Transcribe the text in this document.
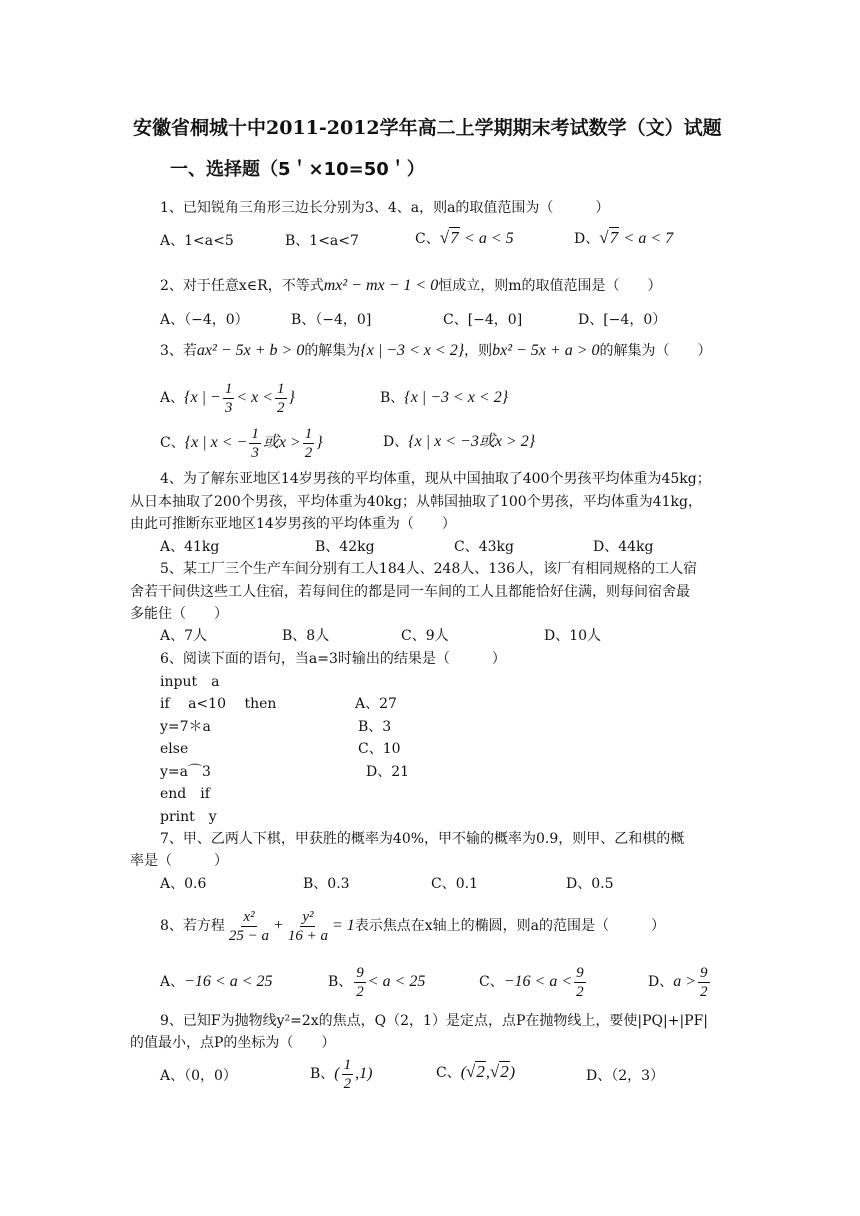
安徽省桐城十中2011-2012学年高二上学期期末考试数学（文）试题
一、选择题（5＇×10=50＇）
1、已知锐角三角形三边长分别为3、4、a，则a的取值范围为（　　　）
A、1<a<5	B、1<a<7	C、√7 < a < 5	D、√7 < a < 7
2、对于任意x∈R，不等式mx² − mx − 1 < 0恒成立，则m的取值范围是（　　）
A、（−4，0）	B、（−4，0]	C、[−4，0]	D、[−4，0）
3、若ax² − 5x + b > 0的解集为{x | −3 < x < 2}，则bx² − 5x + a > 0的解集为（　　）
A、{x | − $\frac{1}{3} < x < \frac{1}{2}$ }	B、{x | −3 < x < 2}
C、{x | x < − $\frac{1}{3}$ 或$x > \frac{1}{2}$ }	D、{x | x < −3或x > 2}
4、为了解东亚地区14岁男孩的平均体重，现从中国抽取了400个男孩平均体重为45kg；
从日本抽取了200个男孩，平均体重为40kg；从韩国抽取了100个男孩，平均体重为41kg，
由此可推断东亚地区14岁男孩的平均体重为（　　）
A、41kg	B、42kg	C、43kg	D、44kg
5、某工厂三个生产车间分别有工人184人、248人、136人，该厂有相同规格的工人宿
舍若干间供这些工人住宿，若每间住的都是同一车间的工人且都能恰好住满，则每间宿舍最
多能住（　　）
A、7人	B、8人	C、9人	D、10人
6、阅读下面的语句，当a=3时输出的结果是（　　　）
input　a
if　 a<10　 then
y=7＊a
else
y=a⌒3
end　if
print　y
A、27
B、3
C、10
D、21
7、甲、乙两人下棋，甲获胜的概率为40%，甲不输的概率为0.9，则甲、乙和棋的概
率是（　　　）
A、0.6	B、0.3	C、0.1	D、0.5
8、若方程 $\frac{\text{x²}}{25 - a} + \frac{\text{y²}}{16 + a} = 1$表示焦点在x轴上的椭圆，则a的范围是（　　　）
A、−16 < a < 25	B、 $\frac{9}{2} < a < 25$	C、$-16 < a < \frac{9}{2}$	D、$a > \frac{9}{2}$
9、已知F为抛物线y²=2x的焦点，Q（2，1）是定点，点P在抛物线上，要使|PQ|+|PF|
的值最小，点P的坐标为（　　）
A、（0，0）	B、( $\frac{1}{2} ,1$)	C、(√2,√2)	D、（2，3）
